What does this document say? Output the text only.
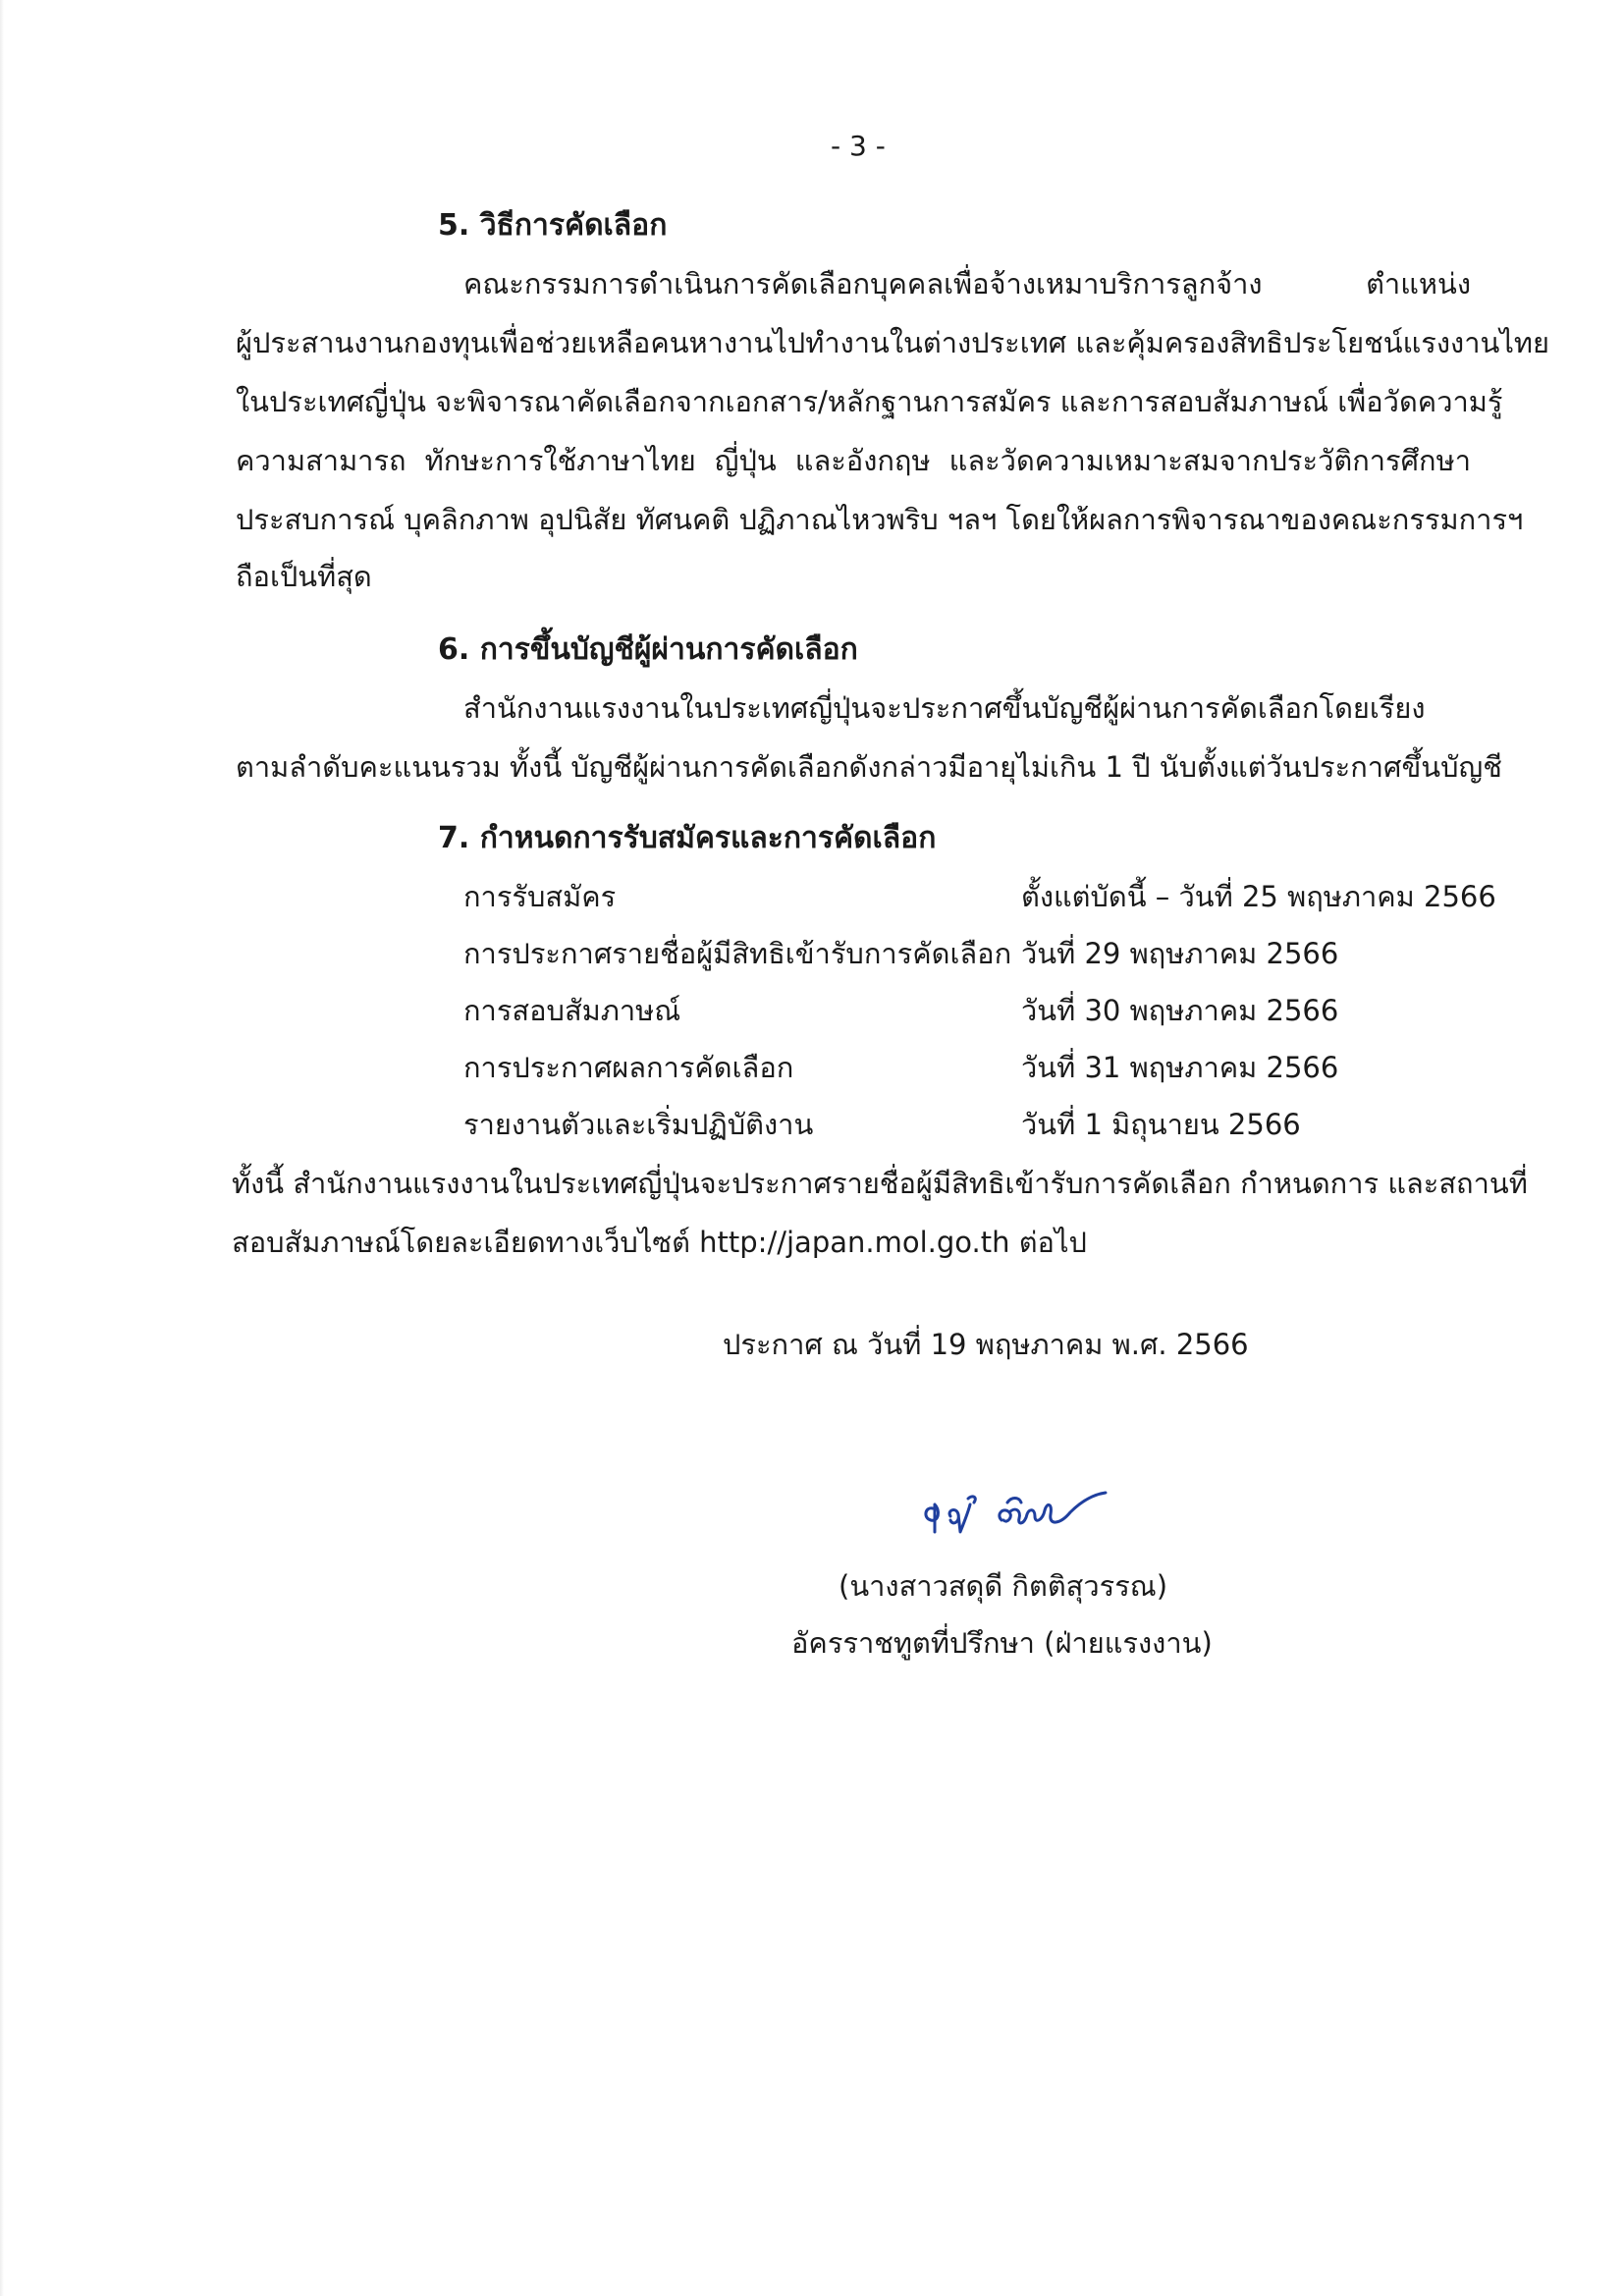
- 3 -
5. วิธีการคัดเลือก
คณะกรรมการดำเนินการคัดเลือกบุคคลเพื่อจ้างเหมาบริการลูกจ้าง ตำแหน่ง
ผู้ประสานงานกองทุนเพื่อช่วยเหลือคนหางานไปทำงานในต่างประเทศ และคุ้มครองสิทธิประโยชน์แรงงานไทย
ในประเทศญี่ปุ่น จะพิจารณาคัดเลือกจากเอกสาร/หลักฐานการสมัคร และการสอบสัมภาษณ์ เพื่อวัดความรู้
ความสามารถ ทักษะการใช้ภาษาไทย ญี่ปุ่น และอังกฤษ และวัดความเหมาะสมจากประวัติการศึกษา
ประสบการณ์ บุคลิกภาพ อุปนิสัย ทัศนคติ ปฏิภาณไหวพริบ ฯลฯ โดยให้ผลการพิจารณาของคณะกรรมการฯ
ถือเป็นที่สุด
6. การขึ้นบัญชีผู้ผ่านการคัดเลือก
สำนักงานแรงงานในประเทศญี่ปุ่นจะประกาศขึ้นบัญชีผู้ผ่านการคัดเลือกโดยเรียง
ตามลำดับคะแนนรวม ทั้งนี้ บัญชีผู้ผ่านการคัดเลือกดังกล่าวมีอายุไม่เกิน 1 ปี นับตั้งแต่วันประกาศขึ้นบัญชี
7. กำหนดการรับสมัครและการคัดเลือก
การรับสมัคร	ตั้งแต่บัดนี้ – วันที่ 25 พฤษภาคม 2566
การประกาศรายชื่อผู้มีสิทธิเข้ารับการคัดเลือก วันที่ 29 พฤษภาคม 2566
การสอบสัมภาษณ์	วันที่ 30 พฤษภาคม 2566
การประกาศผลการคัดเลือก	วันที่ 31 พฤษภาคม 2566
รายงานตัวและเริ่มปฏิบัติงาน	วันที่ 1 มิถุนายน 2566
ทั้งนี้ สำนักงานแรงงานในประเทศญี่ปุ่นจะประกาศรายชื่อผู้มีสิทธิเข้ารับการคัดเลือก กำหนดการ และสถานที่
สอบสัมภาษณ์โดยละเอียดทางเว็บไซต์ http://japan.mol.go.th ต่อไป
ประกาศ ณ วันที่ 19 พฤษภาคม พ.ศ. 2566
(นางสาวสดุดี กิตติสุวรรณ)
อัครราชทูตที่ปรึกษา (ฝ่ายแรงงาน)
